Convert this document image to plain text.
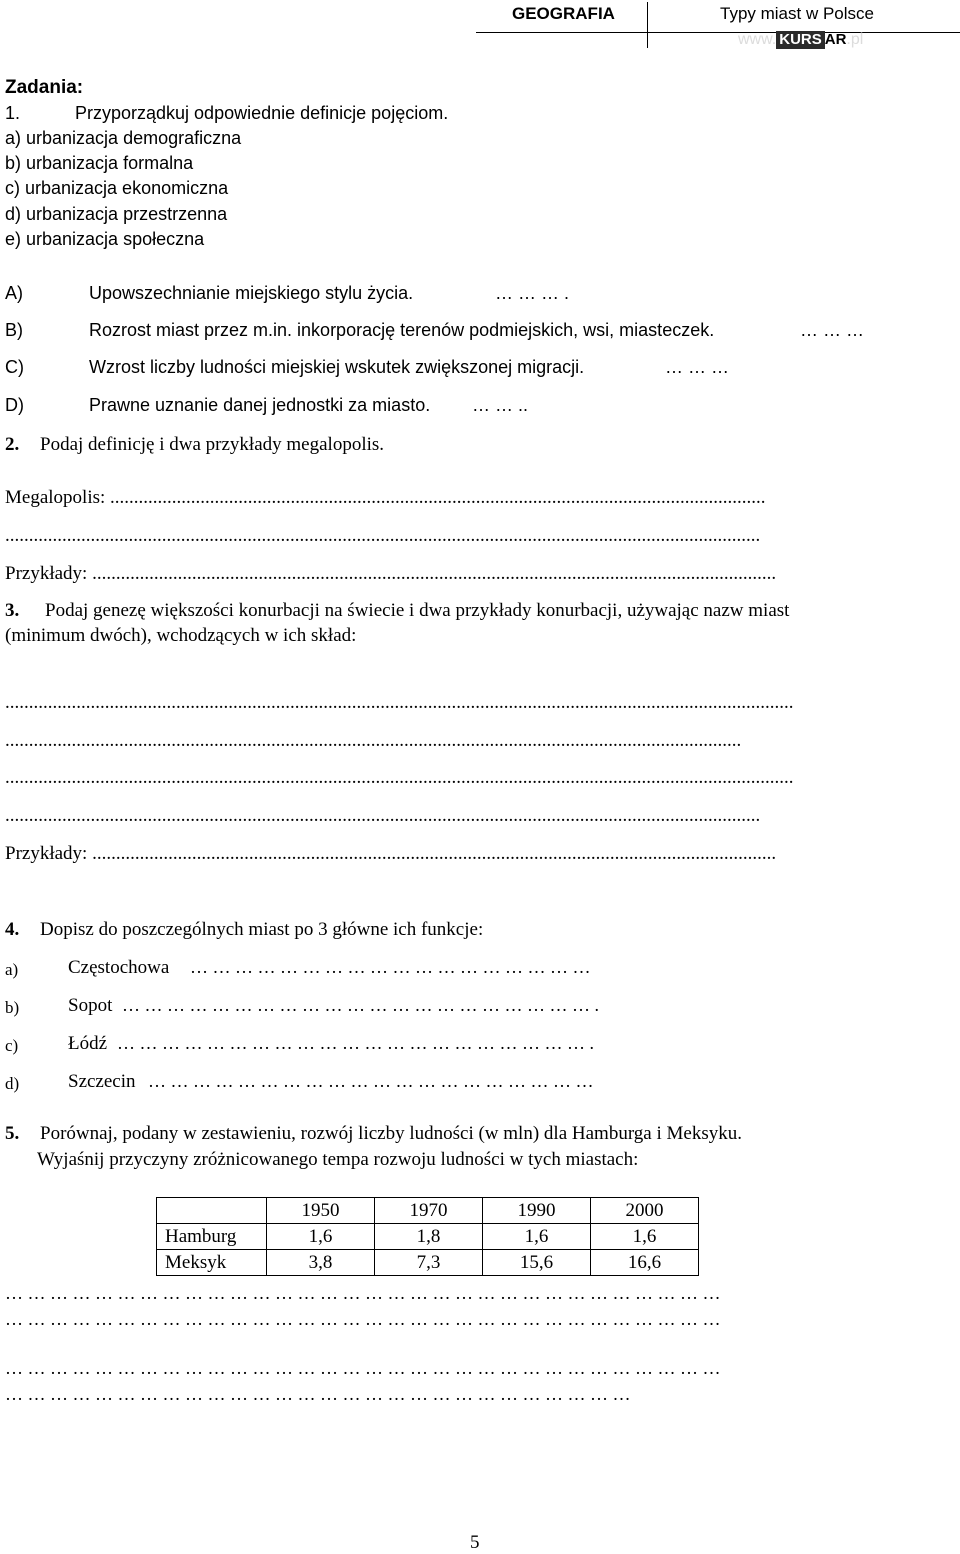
GEOGRAFIA	Typy miast w Polsce
www. KURS AR.pl
Zadania:
1.	Przyporządkuj odpowiednie definicje pojęciom.
a) urbanizacja demograficzna
b) urbanizacja formalna
c) urbanizacja ekonomiczna
d) urbanizacja przestrzenna
e) urbanizacja społeczna
A)	Upowszechnianie miejskiego stylu życia.	… … … .
B)	Rozrost miast przez m.in. inkorporację terenów podmiejskich, wsi, miasteczek.	… … …
C)	Wzrost liczby ludności miejskiej wskutek zwiększonej migracji.	… … …
D)	Prawne uznanie danej jednostki za miasto. … … ..
2. Podaj definicję i dwa przykłady megalopolis.
Megalopolis: ..........................................................................................................................................
...............................................................................................................................................................
Przykłady: ................................................................................................................................................
3. Podaj genezę większości konurbacji na świecie i dwa przykłady konurbacji, używając nazw miast
(minimum dwóch), wchodzących w ich skład:
......................................................................................................................................................................
...........................................................................................................................................................
......................................................................................................................................................................
...............................................................................................................................................................
Przykłady: ................................................................................................................................................
4. Dopisz do poszczególnych miast po 3 główne ich funkcje:
a)	Częstochowa … … … … … … … … … … … … … … … … … …
b)	Sopot … … … … … … … … … … … … … … … … … … … … … .
c)	Łódź … … … … … … … … … … … … … … … … … … … … … .
d)	Szczecin … … … … … … … … … … … … … … … … … … … …
5. Porównaj, podany w zestawieniu, rozwój liczby ludności (w mln) dla Hamburga i Meksyku.
Wyjaśnij przyczyny zróżnicowanego tempa rozwoju ludności w tych miastach:
	1950	1970	1990	2000
Hamburg	1,6	1,8	1,6	1,6
Meksyk	3,8	7,3	15,6	16,6
… … … … … … … … … … … … … … … … … … … … … … … … … … … … … … … …
… … … … … … … … … … … … … … … … … … … … … … … … … … … … … … … …
… … … … … … … … … … … … … … … … … … … … … … … … … … … … … … … …
… … … … … … … … … … … … … … … … … … … … … … … … … … … …
5
